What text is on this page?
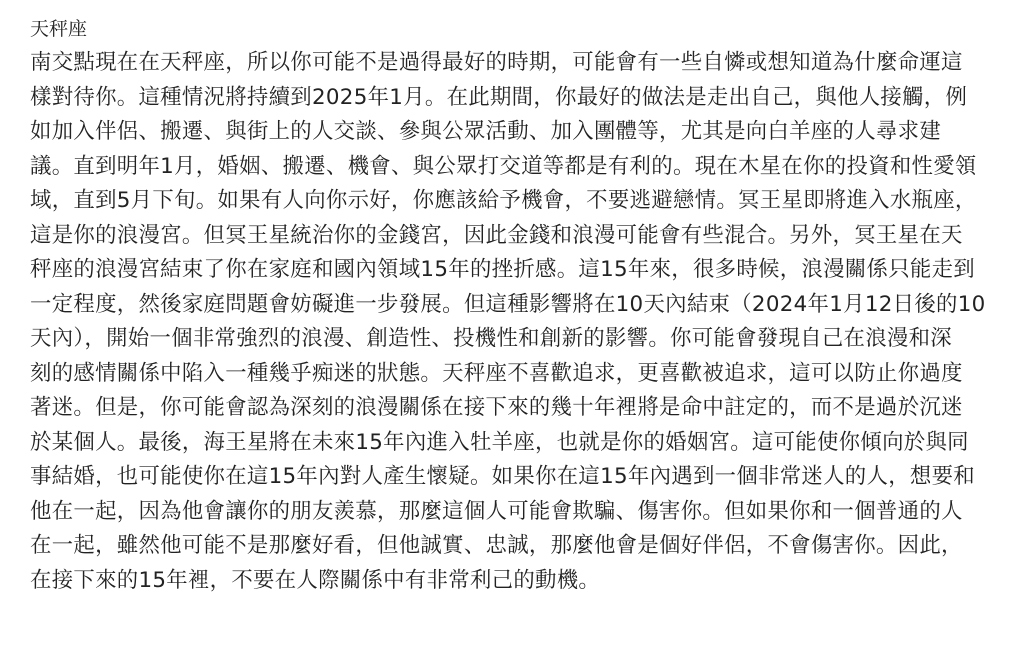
天秤座
南交點現在在天秤座，所以你可能不是過得最好的時期，可能會有一些自憐或想知道為什麼命運這
樣對待你。這種情況將持續到2025年1月。在此期間，你最好的做法是走出自己，與他人接觸，例
如加入伴侶、搬遷、與街上的人交談、參與公眾活動、加入團體等，尤其是向白羊座的人尋求建
議。直到明年1月，婚姻、搬遷、機會、與公眾打交道等都是有利的。現在木星在你的投資和性愛領
域，直到5月下旬。如果有人向你示好，你應該給予機會，不要逃避戀情。冥王星即將進入水瓶座，
這是你的浪漫宮。但冥王星統治你的金錢宮，因此金錢和浪漫可能會有些混合。另外，冥王星在天
秤座的浪漫宮結束了你在家庭和國內領域15年的挫折感。這15年來，很多時候，浪漫關係只能走到
一定程度，然後家庭問題會妨礙進一步發展。但這種影響將在10天內結束（2024年1月12日後的10
天內），開始一個非常強烈的浪漫、創造性、投機性和創新的影響。你可能會發現自己在浪漫和深
刻的感情關係中陷入一種幾乎痴迷的狀態。天秤座不喜歡追求，更喜歡被追求，這可以防止你過度
著迷。但是，你可能會認為深刻的浪漫關係在接下來的幾十年裡將是命中註定的，而不是過於沉迷
於某個人。最後，海王星將在未來15年內進入牡羊座，也就是你的婚姻宮。這可能使你傾向於與同
事結婚，也可能使你在這15年內對人產生懷疑。如果你在這15年內遇到一個非常迷人的人，想要和
他在一起，因為他會讓你的朋友羨慕，那麼這個人可能會欺騙、傷害你。但如果你和一個普通的人
在一起，雖然他可能不是那麼好看，但他誠實、忠誠，那麼他會是個好伴侶，不會傷害你。因此，
在接下來的15年裡，不要在人際關係中有非常利己的動機。
